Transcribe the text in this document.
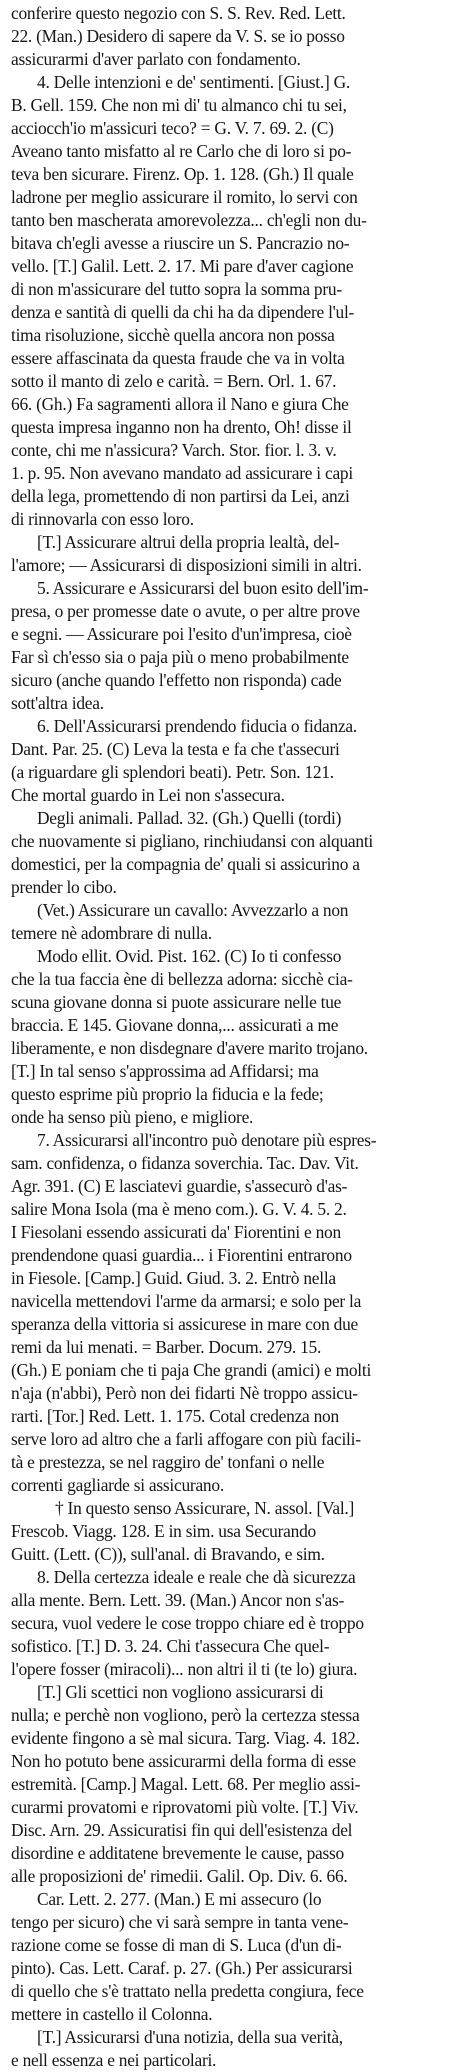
conferire questo negozio con S. S. Rev. Red. Lett.
22. (Man.) Desidero di sapere da V. S. se io posso
assicurarmi d'aver parlato con fondamento.
4. Delle intenzioni e de' sentimenti. [Giust.] G.
B. Gell. 159. Che non mi di' tu almanco chi tu sei,
acciocch'io m'assicuri teco? = G. V. 7. 69. 2. (C)
Aveano tanto misfatto al re Carlo che di loro si po-
teva ben sicurare. Firenz. Op. 1. 128. (Gh.) Il quale
ladrone per meglio assicurare il romito, lo servi con
tanto ben mascherata amorevolezza... ch'egli non du-
bitava ch'egli avesse a riuscire un S. Pancrazio no-
vello. [T.] Galil. Lett. 2. 17. Mi pare d'aver cagione
di non m'assicurare del tutto sopra la somma pru-
denza e santità di quelli da chi ha da dipendere l'ul-
tima risoluzione, sicchè quella ancora non possa
essere affascinata da questa fraude che va in volta
sotto il manto di zelo e carità. = Bern. Orl. 1. 67.
66. (Gh.) Fa sagramenti allora il Nano e giura Che
questa impresa inganno non ha drento, Oh! disse il
conte, chi me n'assicura? Varch. Stor. fior. l. 3. v.
1. p. 95. Non avevano mandato ad assicurare i capi
della lega, promettendo di non partirsi da Lei, anzi
di rinnovarla con esso loro.
[T.] Assicurare altrui della propria lealtà, del-
l'amore; — Assicurarsi di disposizioni simili in altri.
5. Assicurare e Assicurarsi del buon esito dell'im-
presa, o per promesse date o avute, o per altre prove
e segni. — Assicurare poi l'esito d'un'impresa, cioè
Far sì ch'esso sia o paja più o meno probabilmente
sicuro (anche quando l'effetto non risponda) cade
sott'altra idea.
6. Dell'Assicurarsi prendendo fiducia o fidanza.
Dant. Par. 25. (C) Leva la testa e fa che t'assecuri
(a riguardare gli splendori beati). Petr. Son. 121.
Che mortal guardo in Lei non s'assecura.
Degli animali. Pallad. 32. (Gh.) Quelli (tordi)
che nuovamente si pigliano, rinchiudansi con alquanti
domestici, per la compagnia de' quali si assicurino a
prender lo cibo.
(Vet.) Assicurare un cavallo: Avvezzarlo a non
temere nè adombrare di nulla.
Modo ellit. Ovid. Pist. 162. (C) Io ti confesso
che la tua faccia ène di bellezza adorna: sicchè cia-
scuna giovane donna si puote assicurare nelle tue
braccia. E 145. Giovane donna,... assicurati a me
liberamente, e non disdegnare d'avere marito trojano.
[T.] In tal senso s'approssima ad Affidarsi; ma
questo esprime più proprio la fiducia e la fede;
onde ha senso più pieno, e migliore.
7. Assicurarsi all'incontro può denotare più espres-
sam. confidenza, o fidanza soverchia. Tac. Dav. Vit.
Agr. 391. (C) E lasciatevi guardie, s'assecurò d'as-
salire Mona Isola (ma è meno com.). G. V. 4. 5. 2.
I Fiesolani essendo assicurati da' Fiorentini e non
prendendone quasi guardia... i Fiorentini entrarono
in Fiesole. [Camp.] Guid. Giud. 3. 2. Entrò nella
navicella mettendovi l'arme da armarsi; e solo per la
speranza della vittoria si assicurese in mare con due
remi da lui menati. = Barber. Docum. 279. 15.
(Gh.) E poniam che ti paja Che grandi (amici) e molti
n'aja (n'abbi), Però non dei fidarti Nè troppo assicu-
rarti. [Tor.] Red. Lett. 1. 175. Cotal credenza non
serve loro ad altro che a farli affogare con più facili-
tà e prestezza, se nel raggiro de' tonfani o nelle
correnti gagliarde si assicurano.
† In questo senso Assicurare, N. assol. [Val.]
Frescob. Viagg. 128. E in sim. usa Securando
Guitt. (Lett. (C)), sull'anal. di Bravando, e sim.
8. Della certezza ideale e reale che dà sicurezza
alla mente. Bern. Lett. 39. (Man.) Ancor non s'as-
secura, vuol vedere le cose troppo chiare ed è troppo
sofistico. [T.] D. 3. 24. Chi t'assecura Che quel-
l'opere fosser (miracoli)... non altri il ti (te lo) giura.
[T.] Gli scettici non vogliono assicurarsi di
nulla; e perchè non vogliono, però la certezza stessa
evidente fingono a sè mal sicura. Targ. Viag. 4. 182.
Non ho potuto bene assicurarmi della forma di esse
estremità. [Camp.] Magal. Lett. 68. Per meglio assi-
curarmi provatomi e riprovatomi più volte. [T.] Viv.
Disc. Arn. 29. Assicuratisi fin qui dell'esistenza del
disordine e additatene brevemente le cause, passo
alle proposizioni de' rimedii. Galil. Op. Div. 6. 66.
Car. Lett. 2. 277. (Man.) E mi assecuro (lo
tengo per sicuro) che vi sarà sempre in tanta vene-
razione come se fosse di man di S. Luca (d'un di-
pinto). Cas. Lett. Caraf. p. 27. (Gh.) Per assicurarsi
di quello che s'è trattato nella predetta congiura, fece
mettere in castello il Colonna.
[T.] Assicurarsi d'una notizia, della sua verità,
e nell essenza e nei particolari.
